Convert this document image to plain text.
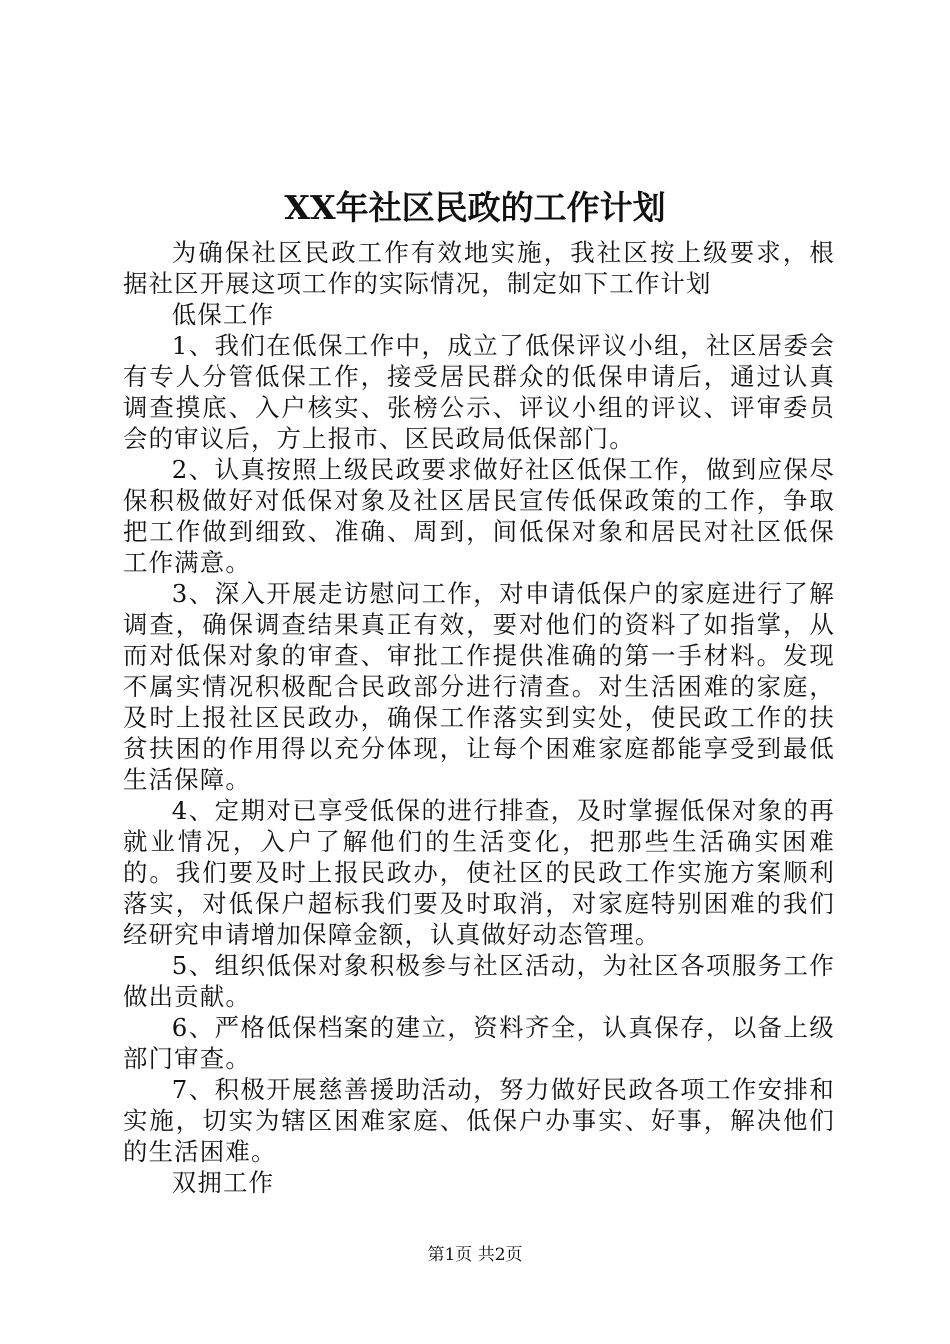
XX年社区民政的工作计划

为确保社区民政工作有效地实施，我社区按上级要求，根据社区开展这项工作的实际情况，制定如下工作计划

低保工作

1、我们在低保工作中，成立了低保评议小组，社区居委会有专人分管低保工作，接受居民群众的低保申请后，通过认真调查摸底、入户核实、张榜公示、评议小组的评议、评审委员会的审议后，方上报市、区民政局低保部门。

2、认真按照上级民政要求做好社区低保工作，做到应保尽保积极做好对低保对象及社区居民宣传低保政策的工作，争取把工作做到细致、准确、周到，间低保对象和居民对社区低保工作满意。

3、深入开展走访慰问工作，对申请低保户的家庭进行了解调查，确保调查结果真正有效，要对他们的资料了如指掌，从而对低保对象的审查、审批工作提供准确的第一手材料。发现不属实情况积极配合民政部分进行清查。对生活困难的家庭，及时上报社区民政办，确保工作落实到实处，使民政工作的扶贫扶困的作用得以充分体现，让每个困难家庭都能享受到最低生活保障。

4、定期对已享受低保的进行排查，及时掌握低保对象的再就业情况，入户了解他们的生活变化，把那些生活确实困难的。我们要及时上报民政办，使社区的民政工作实施方案顺利落实，对低保户超标我们要及时取消，对家庭特别困难的我们经研究申请增加保障金额，认真做好动态管理。

5、组织低保对象积极参与社区活动，为社区各项服务工作做出贡献。

6、严格低保档案的建立，资料齐全，认真保存，以备上级部门审查。

7、积极开展慈善援助活动，努力做好民政各项工作安排和实施，切实为辖区困难家庭、低保户办事实、好事，解决他们的生活困难。

双拥工作

第1页 共2页
